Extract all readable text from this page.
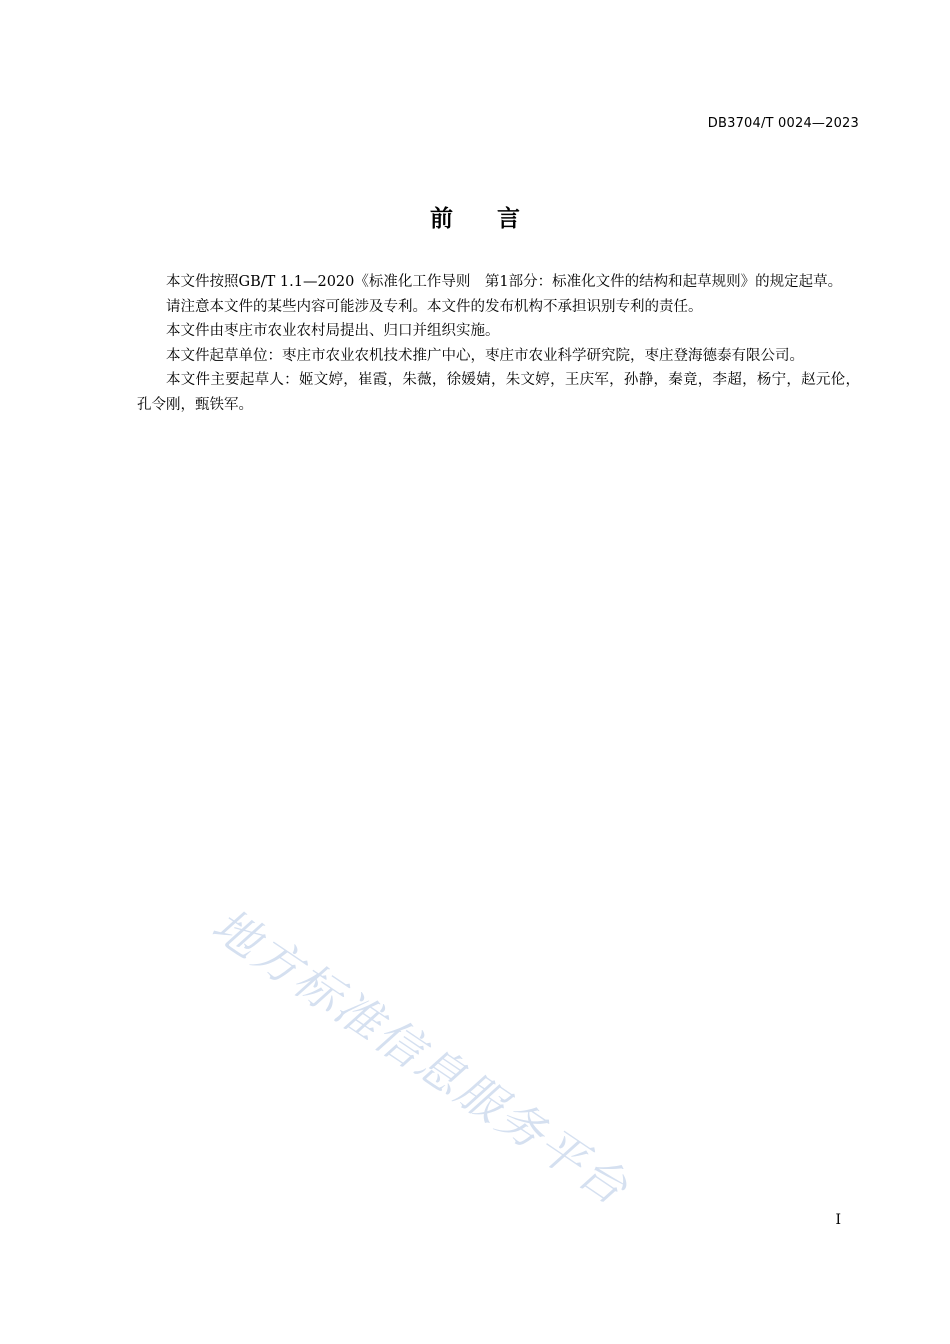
DB3704/T 0024—2023
前言

本文件按照GB/T 1.1—2020《标准化工作导则　第1部分：标准化文件的结构和起草规则》的规定起草。

请注意本文件的某些内容可能涉及专利。本文件的发布机构不承担识别专利的责任。

本文件由枣庄市农业农村局提出、归口并组织实施。

本文件起草单位：枣庄市农业农机技术推广中心，枣庄市农业科学研究院，枣庄登海德泰有限公司。

本文件主要起草人：姬文婷，崔霞，朱薇，徐媛婧，朱文婷，王庆军，孙静，秦竟，李超，杨宁，赵元伦，孔令刚，甄铁军。

地方标准信息服务平台
I
